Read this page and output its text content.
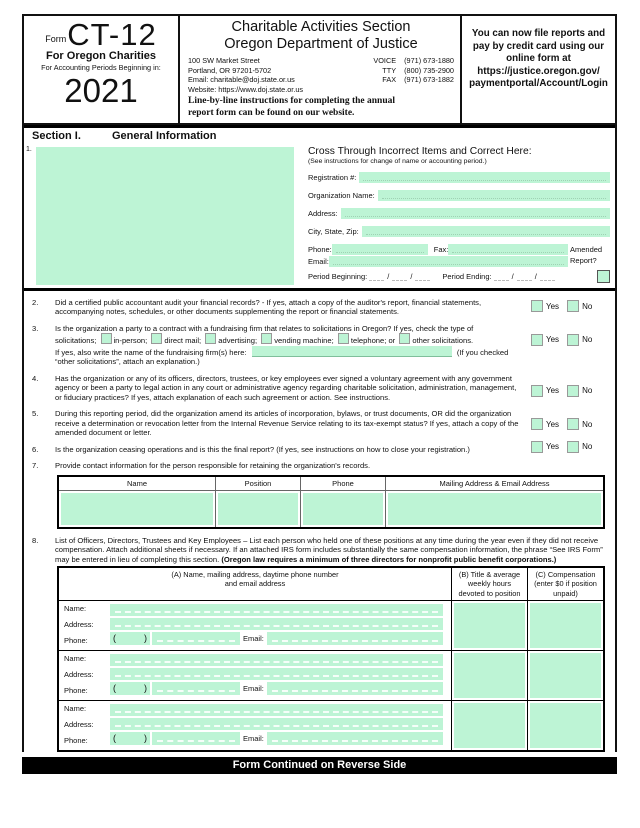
Form CT-12
For Oregon Charities
For Accounting Periods Beginning in:
2021
Charitable Activities Section
Oregon Department of Justice
100 SW Market Street
Portland, OR 97201-5702
Email: charitable@doj.state.or.us
Website: https://www.doj.state.or.us
VOICE (971) 673-1880
TTY (800) 735-2900
FAX (971) 673-1882
Line-by-line instructions for completing the annual
report form can be found on our website.
You can now file reports and
pay by credit card using our
online form at
https://justice.oregon.gov/
paymentportal/Account/Login
Section I.	General Information
1.	Cross Through Incorrect Items and Correct Here:
(See instructions for change of name or accounting period.)
Registration #:
Organization Name:
Address:
City, State, Zip:
Phone:	Fax:
Email:
Amended
Report?
Period Beginning:	/	/	Period Ending:	/	/
2.	Did a certified public accountant audit your financial records? - If yes, attach a copy of the auditor's report, financial statements, accompanying notes, schedules, or other documents supplementing the report or financial statements.
Yes	No
3.	Is the organization a party to a contract with a fundraising firm that relates to solicitations in Oregon? If yes, check the type of
solicitations; in-person; direct mail; advertising; vending machine; telephone; or other solicitations.
If yes, also write the name of the fundraising firm(s) here:	(If you checked
“other solicitations”, attach an explanation.)
Yes	No
4.	Has the organization or any of its officers, directors, trustees, or key employees ever signed a voluntary agreement with any government agency or been a party to legal action in any court or administrative agency regarding charitable solicitation, administration, management, or fiduciary practices? If yes, attach explanation of each such agreement or action. See instructions.
Yes	No
5.	During this reporting period, did the organization amend its articles of incorporation, bylaws, or trust documents, OR did the organization receive a determination or revocation letter from the Internal Revenue Service relating to its tax-exempt status? If yes, attach a copy of the amended document or letter.
Yes	No
6.	Is the organization ceasing operations and is this the final report? (If yes, see instructions on how to close your registration.)	Yes	No
7.	Provide contact information for the person responsible for retaining the organization's records.
Name	Position	Phone	Mailing Address & Email Address
8.	List of Officers, Directors, Trustees and Key Employees – List each person who held one of these positions at any time during the year even if they did not receive compensation. Attach additional sheets if necessary. If an attached IRS form includes substantially the same compensation information, the phrase “See IRS Form” may be entered in lieu of completing this section. (Oregon law requires a minimum of three directors for nonprofit public benefit corporations.)
(A) Name, mailing address, daytime phone number
and email address
(B) Title & average weekly hours devoted to position
(C) Compensation (enter $0 if position unpaid)
Name:
Address:
Phone:	(	)	Email:
Name:
Address:
Phone:	(	)	Email:
Name:
Address:
Phone:	(	)	Email:
Form Continued on Reverse Side
